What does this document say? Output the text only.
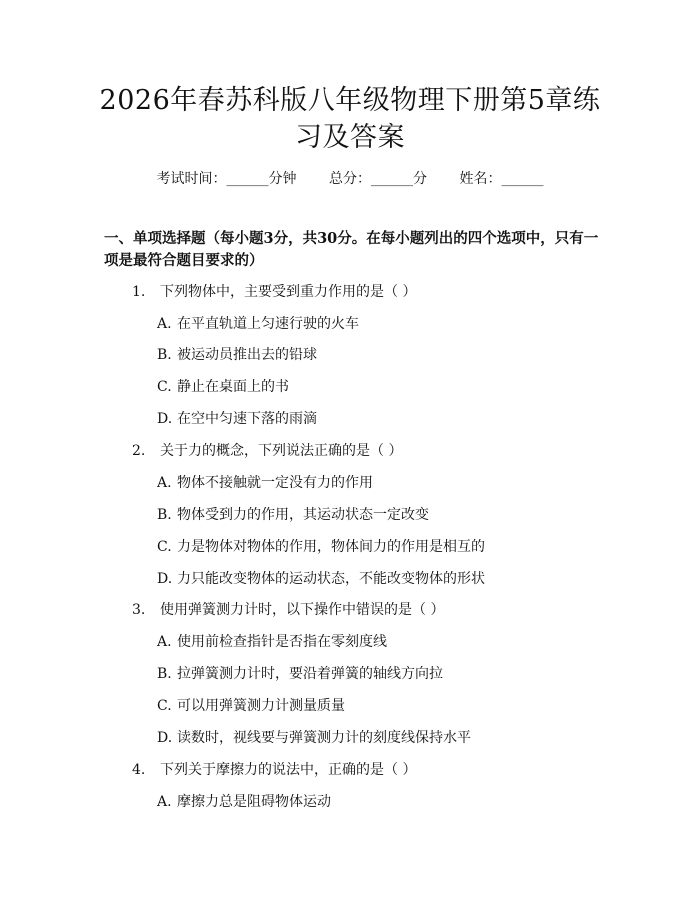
2026年春苏科版八年级物理下册第5章练习及答案
考试时间：______分钟 总分：______分 姓名：______
一、单项选择题（每小题3分，共30分。在每小题列出的四个选项中，只有一项是最符合题目要求的）
1. 下列物体中，主要受到重力作用的是（ ）
A. 在平直轨道上匀速行驶的火车
B. 被运动员推出去的铅球
C. 静止在桌面上的书
D. 在空中匀速下落的雨滴
2. 关于力的概念，下列说法正确的是（ ）
A. 物体不接触就一定没有力的作用
B. 物体受到力的作用，其运动状态一定改变
C. 力是物体对物体的作用，物体间力的作用是相互的
D. 力只能改变物体的运动状态，不能改变物体的形状
3. 使用弹簧测力计时，以下操作中错误的是（ ）
A. 使用前检查指针是否指在零刻度线
B. 拉弹簧测力计时，要沿着弹簧的轴线方向拉
C. 可以用弹簧测力计测量质量
D. 读数时，视线要与弹簧测力计的刻度线保持水平
4. 下列关于摩擦力的说法中，正确的是（ ）
A. 摩擦力总是阻碍物体运动
